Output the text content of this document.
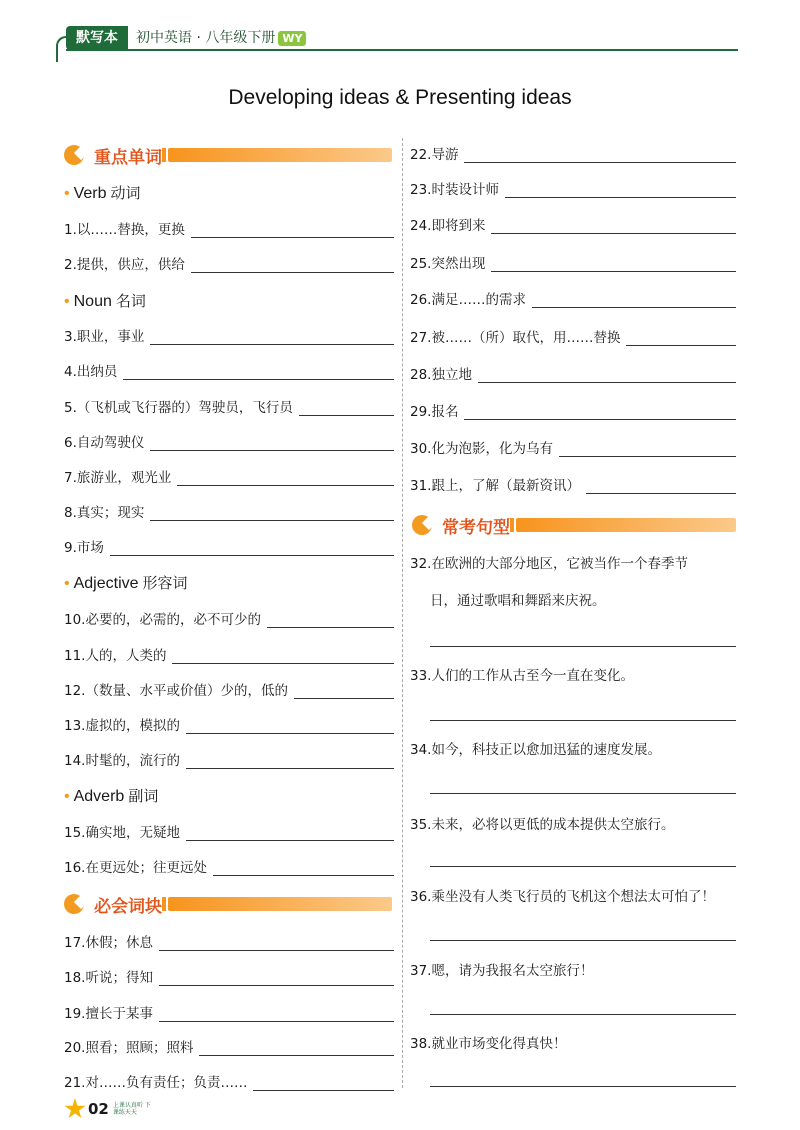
默写本	初中英语 · 八年级下册 WY
Developing ideas & Presenting ideas
重点单词
• Verb 动词
1.以……替换，更换
2.提供，供应，供给
• Noun 名词
3.职业，事业
4.出纳员
5.（飞机或飞行器的）驾驶员，飞行员
6.自动驾驶仪
7.旅游业，观光业
8.真实；现实
9.市场
• Adjective 形容词
10.必要的，必需的，必不可少的
11.人的，人类的
12.（数量、水平或价值）少的，低的
13.虚拟的，模拟的
14.时髦的，流行的
• Adverb 副词
15.确实地，无疑地
16.在更远处；往更远处
必会词块
17.休假；休息
18.听说；得知
19.擅长于某事
20.照看；照顾；照料
21.对……负有责任；负责……
22.导游
23.时装设计师
24.即将到来
25.突然出现
26.满足……的需求
27.被……（所）取代，用……替换
28.独立地
29.报名
30.化为泡影，化为乌有
31.跟上，了解（最新资讯）
常考句型
32.在欧洲的大部分地区，它被当作一个春季节
日，通过歌唱和舞蹈来庆祝。
33.人们的工作从古至今一直在变化。
34.如今，科技正以愈加迅猛的速度发展。
35.未来，必将以更低的成本提供太空旅行。
36.乘坐没有人类飞行员的飞机这个想法太可怕了！
37.嗯，请为我报名太空旅行！
38.就业市场变化得真快！
02 上课认真听 下课练天天
